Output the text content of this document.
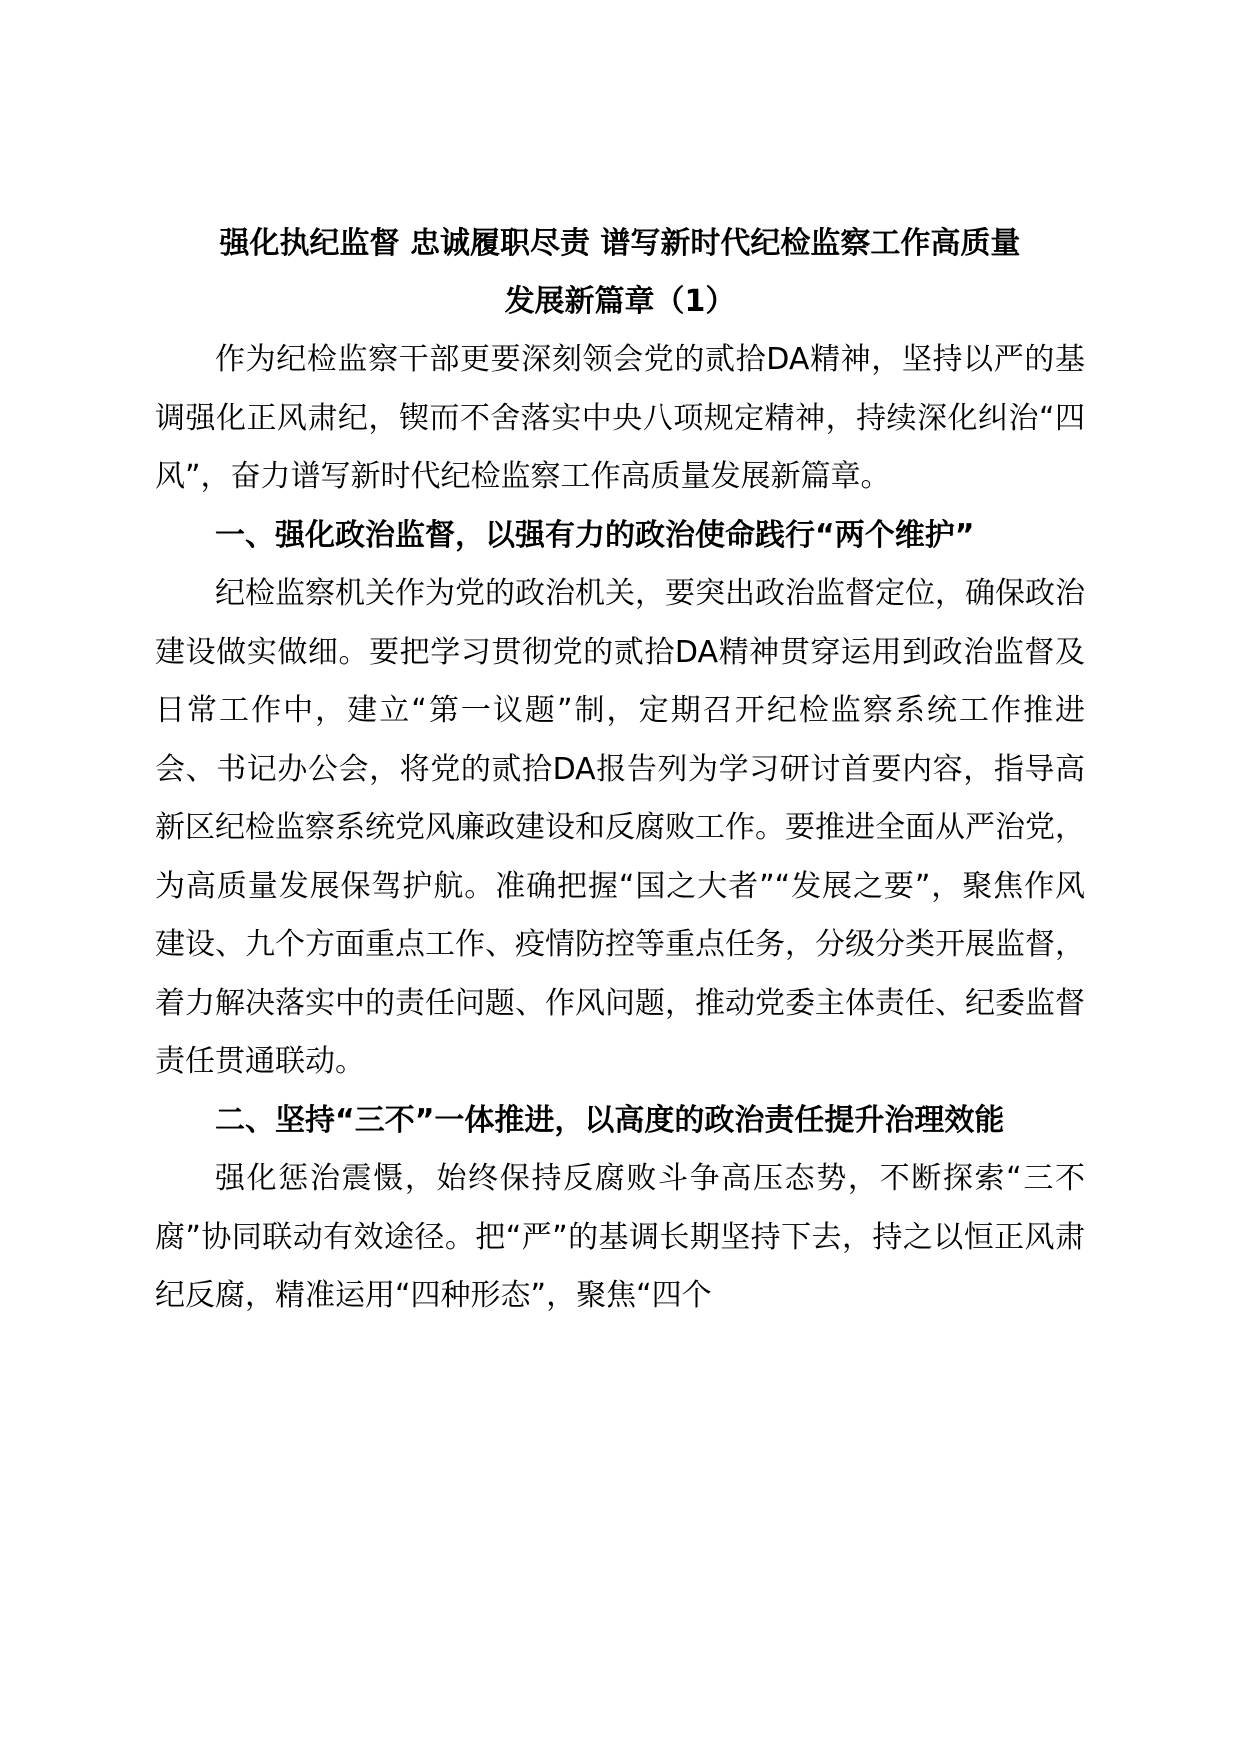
强化执纪监督 忠诚履职尽责 谱写新时代纪检监察工作高质量
发展新篇章（1）

作为纪检监察干部更要深刻领会党的贰拾DA精神，坚持以严的基调强化正风肃纪，锲而不舍落实中央八项规定精神，持续深化纠治“四风”，奋力谱写新时代纪检监察工作高质量发展新篇章。

一、强化政治监督，以强有力的政治使命践行“两个维护”

纪检监察机关作为党的政治机关，要突出政治监督定位，确保政治建设做实做细。要把学习贯彻党的贰拾DA精神贯穿运用到政治监督及日常工作中，建立“第一议题”制，定期召开纪检监察系统工作推进会、书记办公会，将党的贰拾DA报告列为学习研讨首要内容，指导高新区纪检监察系统党风廉政建设和反腐败工作。要推进全面从严治党，为高质量发展保驾护航。准确把握“国之大者”“发展之要”，聚焦作风建设、九个方面重点工作、疫情防控等重点任务，分级分类开展监督，着力解决落实中的责任问题、作风问题，推动党委主体责任、纪委监督责任贯通联动。

二、坚持“三不”一体推进，以高度的政治责任提升治理效能

强化惩治震慑，始终保持反腐败斗争高压态势，不断探索“三不腐”协同联动有效途径。把“严”的基调长期坚持下去，持之以恒正风肃纪反腐，精准运用“四种形态”，聚焦“四个
